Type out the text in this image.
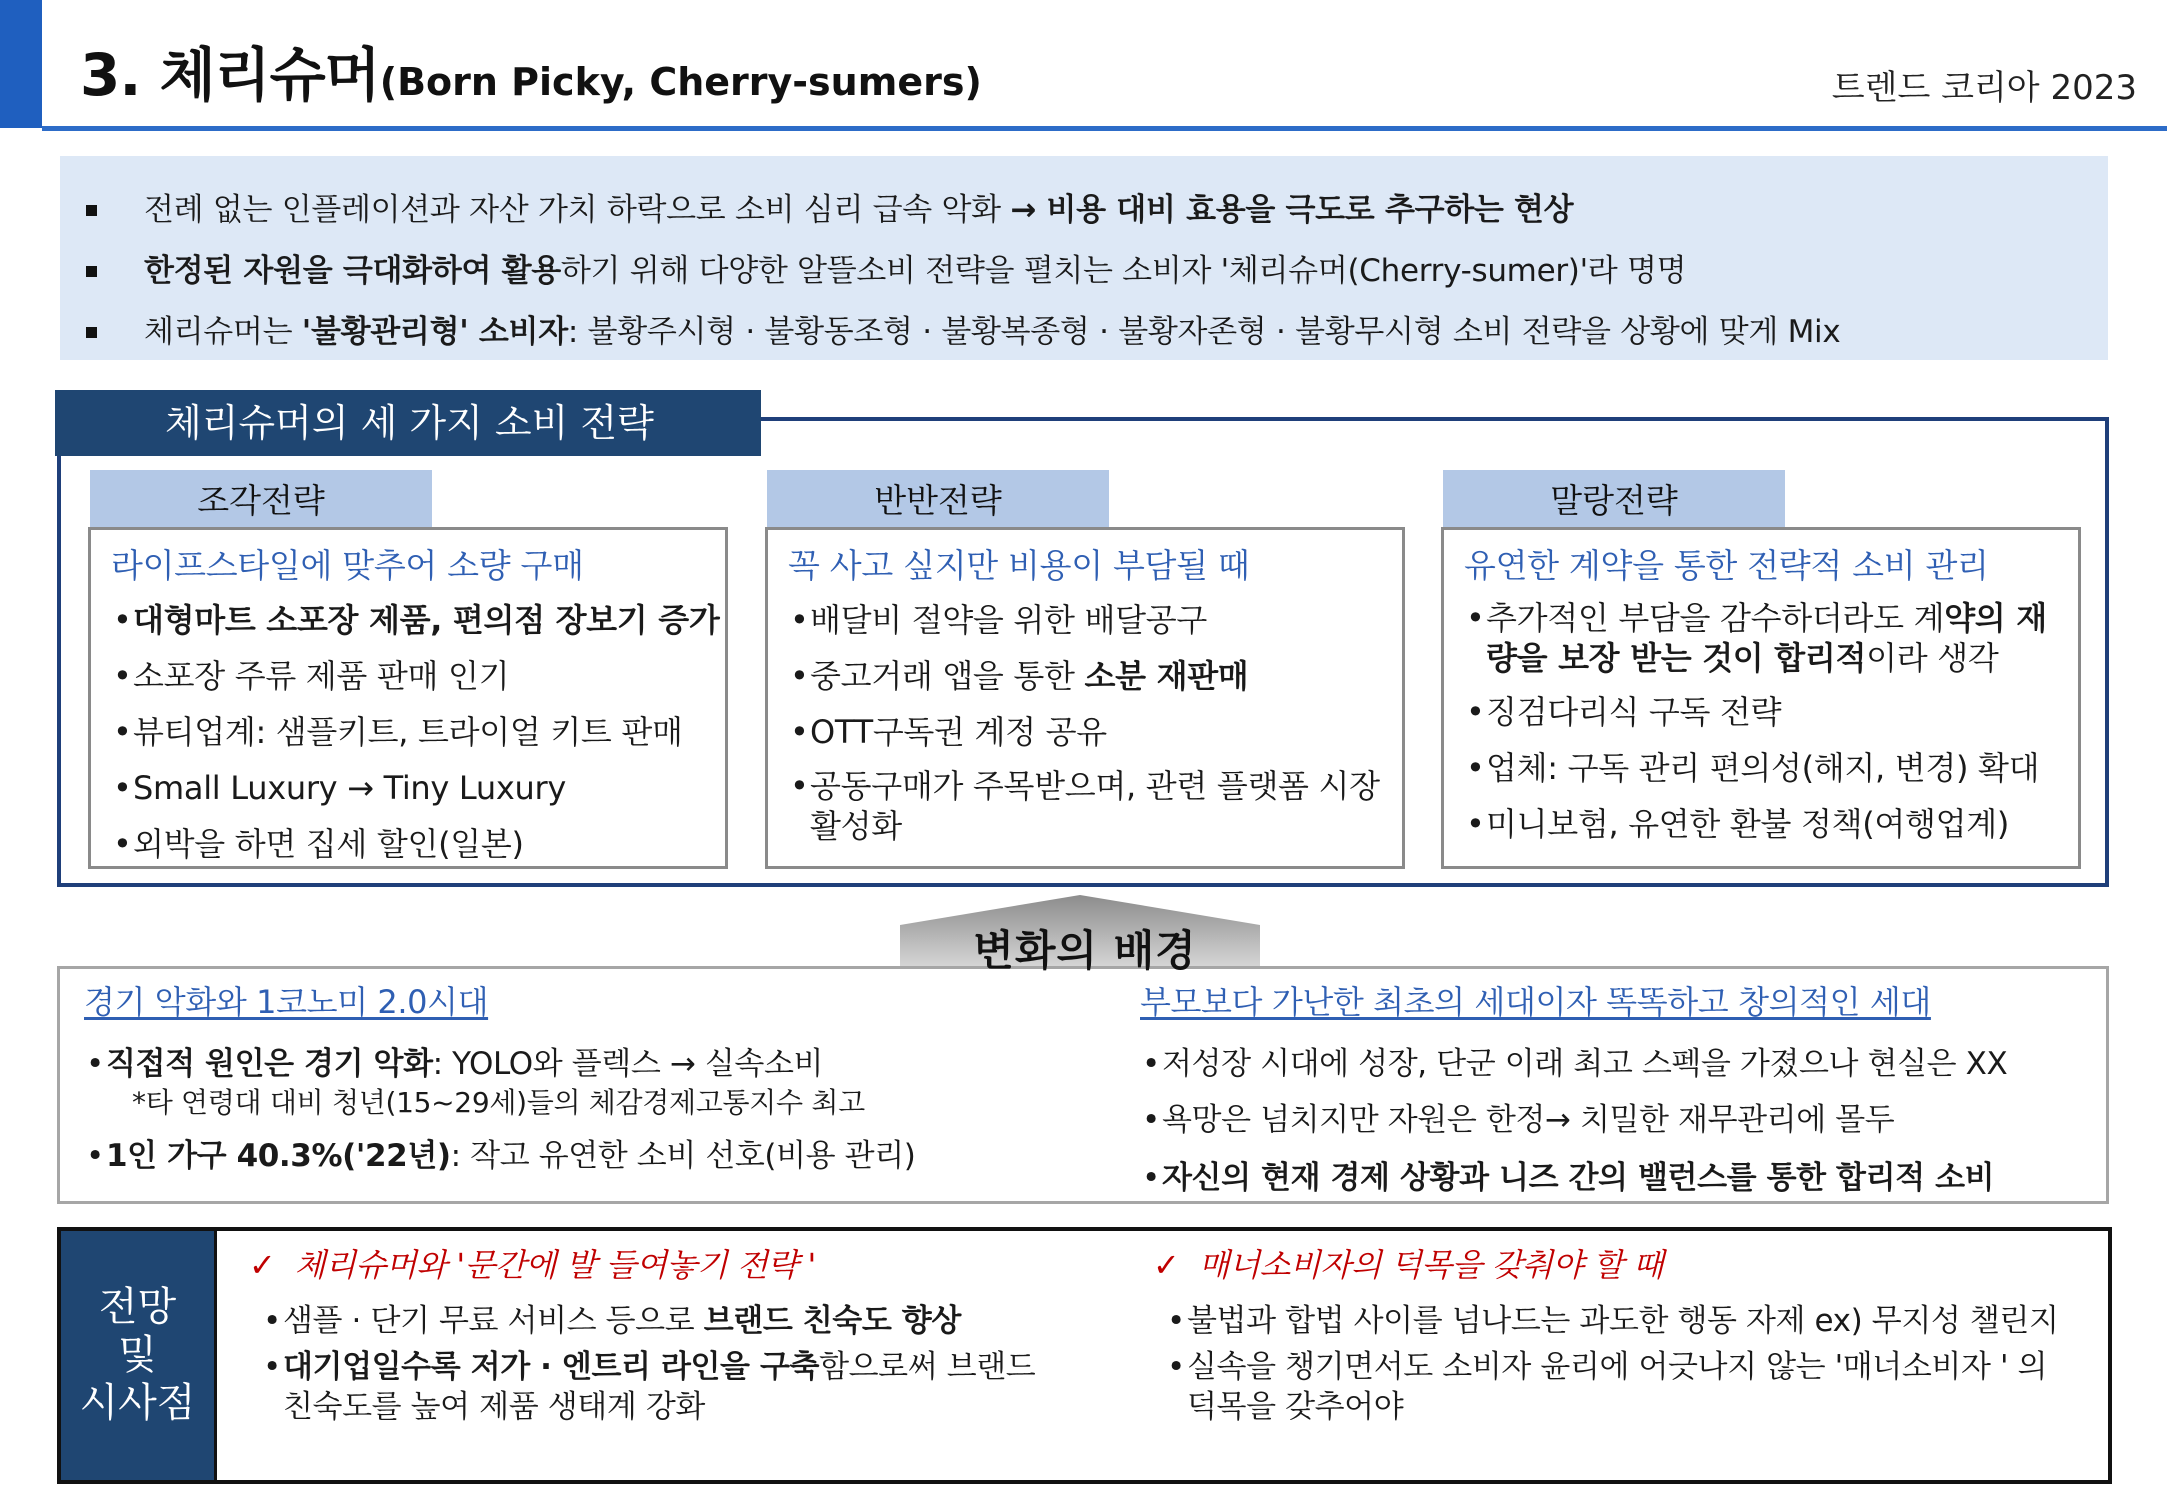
3. 체리슈머(Born Picky, Cherry-sumers)	트렌드 코리아 2023
전례 없는 인플레이션과 자산 가치 하락으로 소비 심리 급속 악화 → 비용 대비 효용을 극도로 추구하는 현상
한정된 자원을 극대화하여 활용하기 위해 다양한 알뜰소비 전략을 펼치는 소비자 '체리슈머(Cherry-sumer)'라 명명
체리슈머는 '불황관리형' 소비자: 불황주시형 · 불황동조형 · 불황복종형 · 불황자존형 · 불황무시형 소비 전략을 상황에 맞게 Mix
체리슈머의 세 가지 소비 전략
조각전략
라이프스타일에 맞추어 소량 구매
• 대형마트 소포장 제품, 편의점 장보기 증가
• 소포장 주류 제품 판매 인기
• 뷰티업계: 샘플키트, 트라이얼 키트 판매
• Small Luxury → Tiny Luxury
• 외박을 하면 집세 할인(일본)
반반전략
꼭 사고 싶지만 비용이 부담될 때
• 배달비 절약을 위한 배달공구
• 중고거래 앱을 통한 소분 재판매
• OTT구독권 계정 공유
• 공동구매가 주목받으며, 관련 플랫폼 시장 활성화
말랑전략
유연한 계약을 통한 전략적 소비 관리
• 추가적인 부담을 감수하더라도 계약의 재량을 보장 받는 것이 합리적이라 생각
• 징검다리식 구독 전략
• 업체: 구독 관리 편의성(해지, 변경) 확대
• 미니보험, 유연한 환불 정책(여행업계)
경기 악화와 1코노미 2.0시대
• 직접적 원인은 경기 악화: YOLO와 플렉스 → 실속소비
*타 연령대 대비 청년(15~29세)들의 체감경제고통지수 최고
• 1인 가구 40.3%('22년): 작고 유연한 소비 선호(비용 관리)
부모보다 가난한 최초의 세대이자 똑똑하고 창의적인 세대
• 저성장 시대에 성장, 단군 이래 최고 스펙을 가졌으나 현실은 XX
• 욕망은 넘치지만 자원은 한정→ 치밀한 재무관리에 몰두
• 자신의 현재 경제 상황과 니즈 간의 밸런스를 통한 합리적 소비
변화의 배경
전망
및
시사점
✓  체리슈머와 '문간에 발 들여놓기 전략 '
• 샘플 · 단기 무료 서비스 등으로 브랜드 친숙도 향상
• 대기업일수록 저가 · 엔트리 라인을 구축함으로써 브랜드
친숙도를 높여 제품 생태계 강화
✓  매너소비자의 덕목을 갖춰야 할 때
• 불법과 합법 사이를 넘나드는 과도한 행동 자제 ex) 무지성 챌린지
• 실속을 챙기면서도 소비자 윤리에 어긋나지 않는 '매너소비자 ' 의
덕목을 갖추어야
